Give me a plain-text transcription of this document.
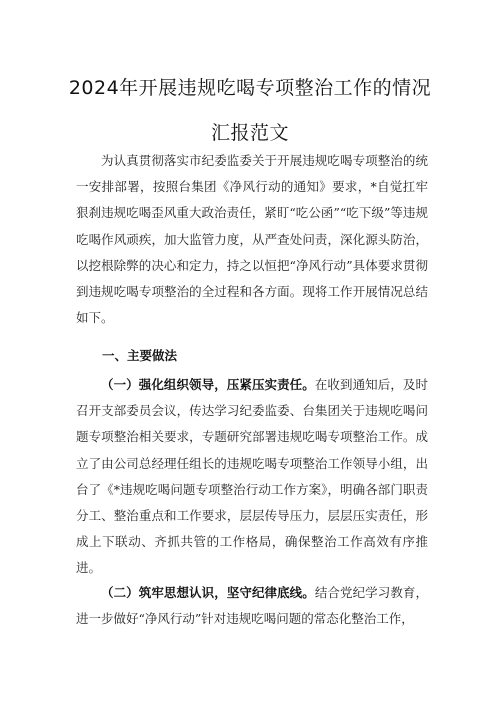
2024年开展违规吃喝专项整治工作的情况
汇报范文
为认真贯彻落实市纪委监委关于开展违规吃喝专项整治的统一安排部署，按照台集团《净风行动的通知》要求，*自觉扛牢狠刹违规吃喝歪风重大政治责任，紧盯“吃公函”“吃下级”等违规吃喝作风顽疾，加大监管力度，从严查处问责，深化源头防治，以挖根除弊的决心和定力，持之以恒把“净风行动”具体要求贯彻到违规吃喝专项整治的全过程和各方面。现将工作开展情况总结如下。
一、主要做法
（一）强化组织领导，压紧压实责任。在收到通知后，及时召开支部委员会议，传达学习纪委监委、台集团关于违规吃喝问题专项整治相关要求，专题研究部署违规吃喝专项整治工作。成立了由公司总经理任组长的违规吃喝专项整治工作领导小组，出台了《*违规吃喝问题专项整治行动工作方案》，明确各部门职责分工、整治重点和工作要求，层层传导压力，层层压实责任，形成上下联动、齐抓共管的工作格局，确保整治工作高效有序推进。
（二）筑牢思想认识，坚守纪律底线。结合党纪学习教育，进一步做好“净风行动”针对违规吃喝问题的常态化整治工作，
